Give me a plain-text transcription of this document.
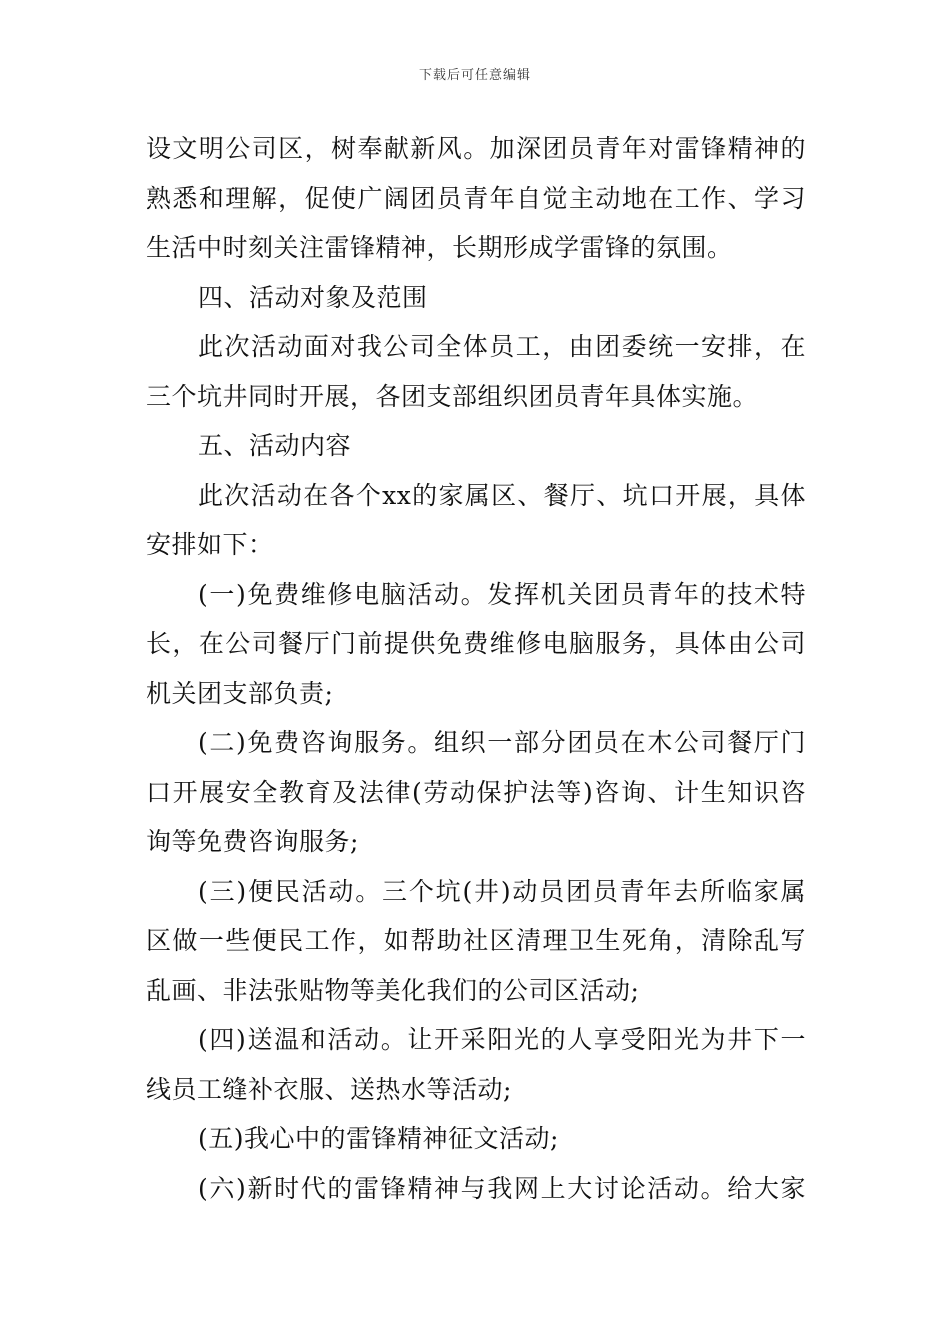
下载后可任意编辑
设文明公司区，树奉献新风。加深团员青年对雷锋精神的
熟悉和理解，促使广阔团员青年自觉主动地在工作、学习
生活中时刻关注雷锋精神，长期形成学雷锋的氛围。
四、活动对象及范围
此次活动面对我公司全体员工，由团委统一安排，在
三个坑井同时开展，各团支部组织团员青年具体实施。
五、活动内容
此次活动在各个xx的家属区、餐厅、坑口开展，具体
安排如下：
(一)免费维修电脑活动。发挥机关团员青年的技术特
长，在公司餐厅门前提供免费维修电脑服务，具体由公司
机关团支部负责;
(二)免费咨询服务。组织一部分团员在木公司餐厅门
口开展安全教育及法律(劳动保护法等)咨询、计生知识咨
询等免费咨询服务;
(三)便民活动。三个坑(井)动员团员青年去所临家属
区做一些便民工作，如帮助社区清理卫生死角，清除乱写
乱画、非法张贴物等美化我们的公司区活动;
(四)送温和活动。让开采阳光的人享受阳光为井下一
线员工缝补衣服、送热水等活动;
(五)我心中的雷锋精神征文活动;
(六)新时代的雷锋精神与我网上大讨论活动。给大家
